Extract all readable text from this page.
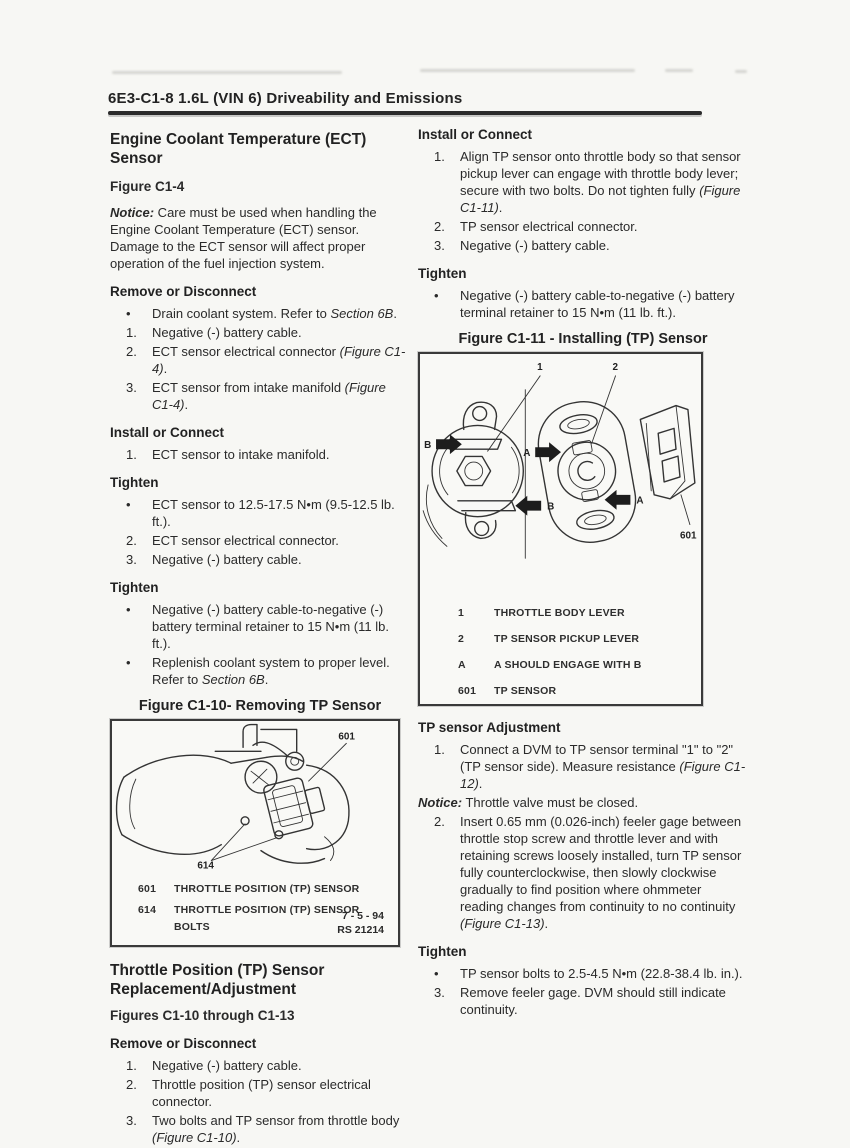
6E3-C1-8 1.6L (VIN 6) Driveability and Emissions
Engine Coolant Temperature (ECT) Sensor
Figure C1-4

Notice: Care must be used when handling the Engine Coolant Temperature (ECT) sensor. Damage to the ECT sensor will affect proper operation of the fuel injection system.

Remove or Disconnect
•	Drain coolant system. Refer to Section 6B.
1.	Negative (-) battery cable.
2.	ECT sensor electrical connector (Figure C1-4).
3.	ECT sensor from intake manifold (Figure C1-4).
Install or Connect
1.	ECT sensor to intake manifold.
Tighten
•	ECT sensor to 12.5-17.5 N•m (9.5-12.5 lb. ft.).
2.	ECT sensor electrical connector.
3.	Negative (-) battery cable.
Tighten
•	Negative (-) battery cable-to-negative (-) battery terminal retainer to 15 N•m (11 lb. ft.).
•	Replenish coolant system to proper level. Refer to Section 6B.
Figure C1-10- Removing TP Sensor
601
614
601	THROTTLE POSITION (TP) SENSOR
614	THROTTLE POSITION (TP) SENSOR BOLTS
7 - 5 - 94
RS 21214
Throttle Position (TP) Sensor Replacement/Adjustment
Figures C1-10 through C1-13
Remove or Disconnect
1.	Negative (-) battery cable.
2.	Throttle position (TP) sensor electrical connector.
3.	Two bolts and TP sensor from throttle body (Figure C1-10).
Install or Connect
1.	Align TP sensor onto throttle body so that sensor pickup lever can engage with throttle body lever; secure with two bolts. Do not tighten fully (Figure C1-11).
2.	TP sensor electrical connector.
3.	Negative (-) battery cable.
Tighten
•	Negative (-) battery cable-to-negative (-) battery terminal retainer to 15 N•m (11 lb. ft.).
Figure C1-11 - Installing (TP) Sensor
B
B
A
A
1	2
601
1	THROTTLE BODY LEVER
2	TP SENSOR PICKUP LEVER
A	A SHOULD ENGAGE WITH B
601	TP SENSOR
TP sensor Adjustment
1.	Connect a DVM to TP sensor terminal "1" to "2" (TP sensor side). Measure resistance (Figure C1-12).

Notice: Throttle valve must be closed.

2.	Insert 0.65 mm (0.026-inch) feeler gage between throttle stop screw and throttle lever and with retaining screws loosely installed, turn TP sensor fully counterclockwise, then slowly clockwise gradually to find position where ohmmeter reading changes from continuity to no continuity (Figure C1-13).
Tighten
•	TP sensor bolts to 2.5-4.5 N•m (22.8-38.4 lb. in.).
3.	Remove feeler gage. DVM should still indicate continuity.
